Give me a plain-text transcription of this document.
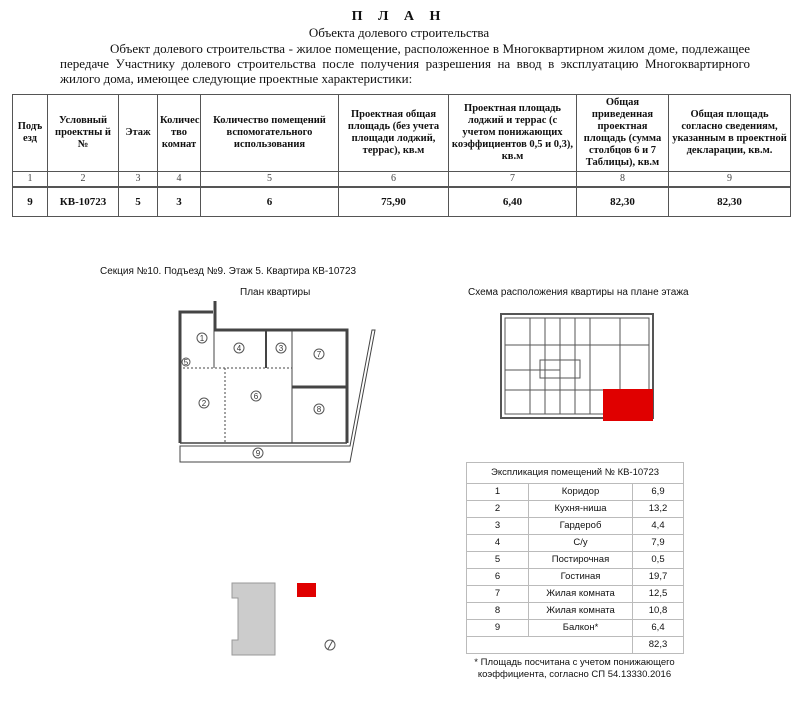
П Л А Н
Объекта долевого строительства
Объект долевого строительства - жилое помещение, расположенное в Многоквартирном жилом доме, подлежащее передаче Участнику долевого строительства после получения разрешения на ввод в эксплуатацию Многоквартирного жилого дома, имеющее следующие проектные характеристики:
Подъ езд	Условный проектны й №	Этаж	Количес тво комнат	Количество помещений вспомогательного использования	Проектная общая площадь (без учета площади лоджий, террас), кв.м	Проектная площадь лоджий и террас (с учетом понижающих коэффициентов 0,5 и 0,3), кв.м	Общая приведенная проектная площадь (сумма столбцов 6 и 7 Таблицы), кв.м	Общая площадь согласно сведениям, указанным в проектной декларации, кв.м.
1	2	3	4	5	6	7	8	9
9	КВ-10723	5	3	6	75,90	6,40	82,30	82,30
Секция №10. Подъезд №9. Этаж 5. Квартира КВ-10723
План квартиры	Схема расположения квартиры на плане этажа
1
2
3
4
5
6
7
8
9
Экспликация помещений № КВ-10723		
1	Коридор	6,9
2	Кухня-ниша	13,2
3	Гардероб	4,4
4	С/у	7,9
5	Постирочная	0,5
6	Гостиная	19,7
7	Жилая комната	12,5
8	Жилая комната	10,8
9	Балкон*	6,4
		82,3
* Площадь посчитана с учетом понижающего коэффициента, согласно СП 54.13330.2016
